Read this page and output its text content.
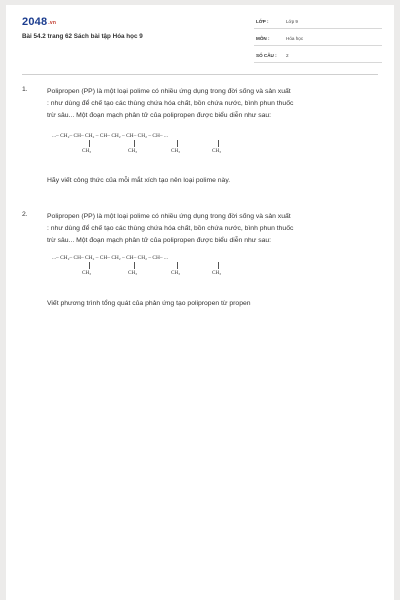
2048.vn
Bài 54.2 trang 62 Sách bài tập Hóa học 9
LỚP :	Lớp 9
MÔN :	Hóa học
SỐ CÂU : 2
1.	Polipropen (PP) là một loại polime có nhiều ứng dụng trong đời sống và sản xuất
: như dùng để chế tạo các thùng chứa hóa chất, bồn chứa nước, bình phun thuốc
trừ sâu... Một đoạn mạch phân tử của polipropen được biểu diễn như sau:
...– CH₂– CH– CH₂ – CH– CH₂ – CH– CH₂ – CH– ...
CH₃	CH₃	CH₃	CH₃
Hãy viết công thức của mỗi mắt xích tạo nên loại polime này.
2.	Polipropen (PP) là một loại polime có nhiều ứng dụng trong đời sống và sản xuất
: như dùng để chế tạo các thùng chứa hóa chất, bồn chứa nước, bình phun thuốc
trừ sâu... Một đoạn mạch phân tử của polipropen được biểu diễn như sau:
...– CH₂– CH– CH₂ – CH– CH₂ – CH– CH₂ – CH– ...
CH₃	CH₃	CH₃	CH₃
Viết phương trình tổng quát của phản ứng tạo polipropen từ propen
